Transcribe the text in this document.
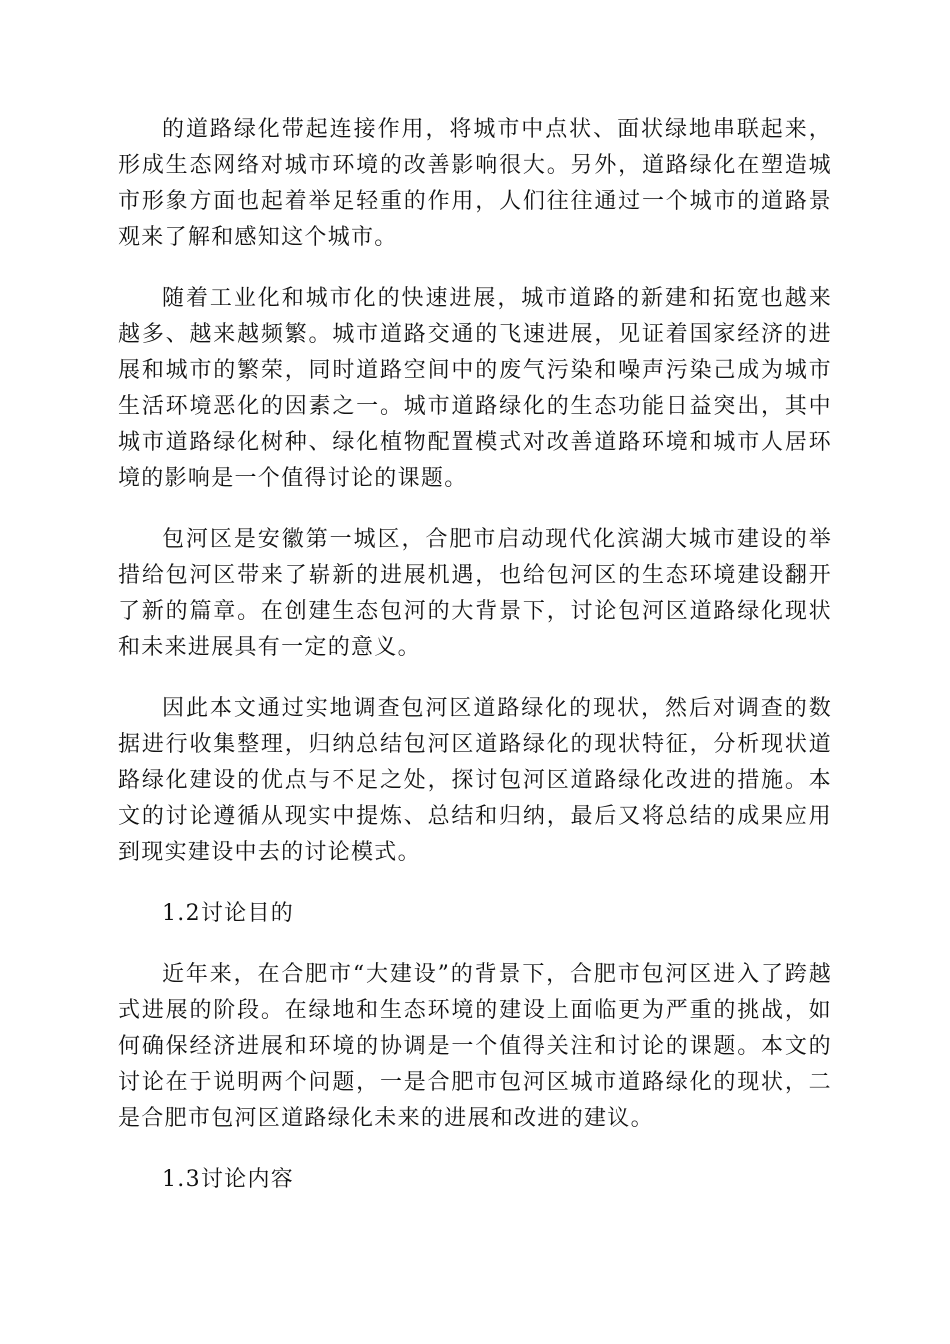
的道路绿化带起连接作用，将城市中点状、面状绿地串联起来，形成生态网络对城市环境的改善影响很大。另外，道路绿化在塑造城市形象方面也起着举足轻重的作用，人们往往通过一个城市的道路景观来了解和感知这个城市。

随着工业化和城市化的快速进展，城市道路的新建和拓宽也越来越多、越来越频繁。城市道路交通的飞速进展，见证着国家经济的进展和城市的繁荣，同时道路空间中的废气污染和噪声污染己成为城市生活环境恶化的因素之一。城市道路绿化的生态功能日益突出，其中城市道路绿化树种、绿化植物配置模式对改善道路环境和城市人居环境的影响是一个值得讨论的课题。

包河区是安徽第一城区，合肥市启动现代化滨湖大城市建设的举措给包河区带来了崭新的进展机遇，也给包河区的生态环境建设翻开了新的篇章。在创建生态包河的大背景下，讨论包河区道路绿化现状和未来进展具有一定的意义。

因此本文通过实地调查包河区道路绿化的现状，然后对调查的数据进行收集整理，归纳总结包河区道路绿化的现状特征，分析现状道路绿化建设的优点与不足之处，探讨包河区道路绿化改进的措施。本文的讨论遵循从现实中提炼、总结和归纳，最后又将总结的成果应用到现实建设中去的讨论模式。

1.2讨论目的

近年来，在合肥市“大建设”的背景下，合肥市包河区进入了跨越式进展的阶段。在绿地和生态环境的建设上面临更为严重的挑战，如何确保经济进展和环境的协调是一个值得关注和讨论的课题。本文的讨论在于说明两个问题，一是合肥市包河区城市道路绿化的现状，二是合肥市包河区道路绿化未来的进展和改进的建议。

1.3讨论内容
